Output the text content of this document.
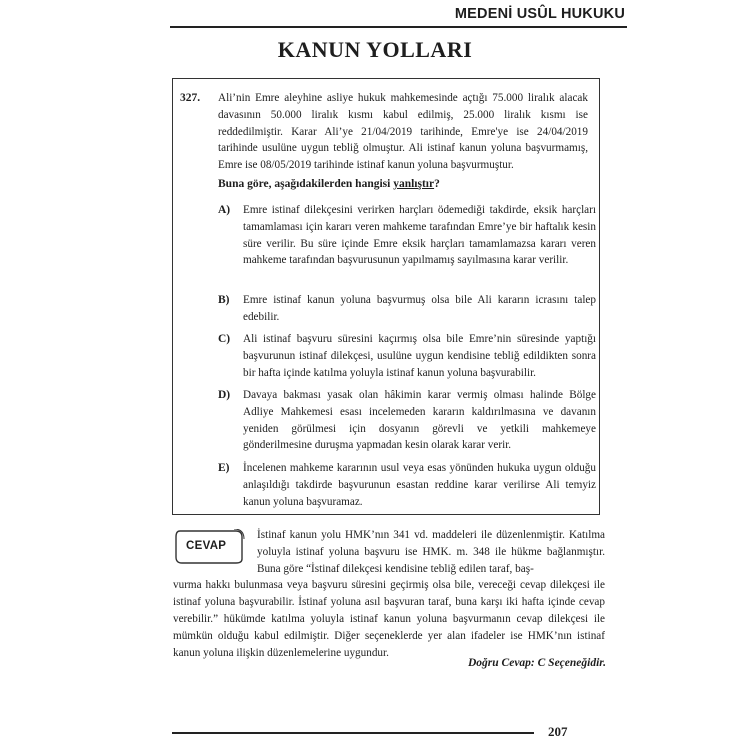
MEDENİ USÛL HUKUKU
KANUN YOLLARI
327. Ali’nin Emre aleyhine asliye hukuk mahkemesinde açtığı 75.000 liralık alacak davasının 50.000 liralık kısmı kabul edilmiş, 25.000 liralık kısmı ise reddedilmiştir. Karar Ali’ye 21/04/2019 tarihinde, Emre'ye ise 24/04/2019 tarihinde usulüne uygun tebliğ olmuştur. Ali istinaf kanun yoluna başvurmamış, Emre ise 08/05/2019 tarihinde istinaf kanun yoluna başvurmuştur.
Buna göre, aşağıdakilerden hangisi yanlıştır?
A) Emre istinaf dilekçesini verirken harçları ödemediği takdirde, eksik harçları tamamlaması için kararı veren mahkeme tarafından Emre’ye bir haftalık kesin süre verilir. Bu süre içinde Emre eksik harçları tamamlamazsa kararı veren mahkeme tarafından başvurusunun yapılmamış sayılmasına karar verilir.
B) Emre istinaf kanun yoluna başvurmuş olsa bile Ali kararın icrasını talep edebilir.
C) Ali istinaf başvuru süresini kaçırmış olsa bile Emre’nin süresinde yaptığı başvurunun istinaf dilekçesi, usulüne uygun kendisine tebliğ edildikten sonra bir hafta içinde katılma yoluyla istinaf kanun yoluna başvurabilir.
D) Davaya bakması yasak olan hâkimin karar vermiş olması halinde Bölge Adliye Mahkemesi esası incelemeden kararın kaldırılmasına ve davanın yeniden görülmesi için dosyanın görevli ve yetkili mahkemeye gönderilmesine duruşma yapmadan kesin olarak karar verir.
E) İncelenen mahkeme kararının usul veya esas yönünden hukuka uygun olduğu anlaşıldığı takdirde başvurunun esastan reddine karar verilirse Ali temyiz kanun yoluna başvuramaz.
CEVAP
İstinaf kanun yolu HMK’nın 341 vd. maddeleri ile düzenlenmiştir. Katılma yoluyla istinaf yoluna başvuru ise HMK. m. 348 ile hükme bağlanmıştır. Buna göre “İstinaf dilekçesi kendisine tebliğ edilen taraf, baş-
vurma hakkı bulunmasa veya başvuru süresini geçirmiş olsa bile, vereceği cevap dilekçesi ile istinaf yoluna başvurabilir. İstinaf yoluna asıl başvuran taraf, buna karşı iki hafta içinde cevap verebilir.” hükümde katılma yoluyla istinaf kanun yoluna başvurmanın cevap dilekçesi ile mümkün olduğu kabul edilmiştir. Diğer seçeneklerde yer alan ifadeler ise HMK’nın istinaf kanun yoluna ilişkin düzenlemelerine uygundur.
Doğru Cevap: C Seçeneğidir.
207
